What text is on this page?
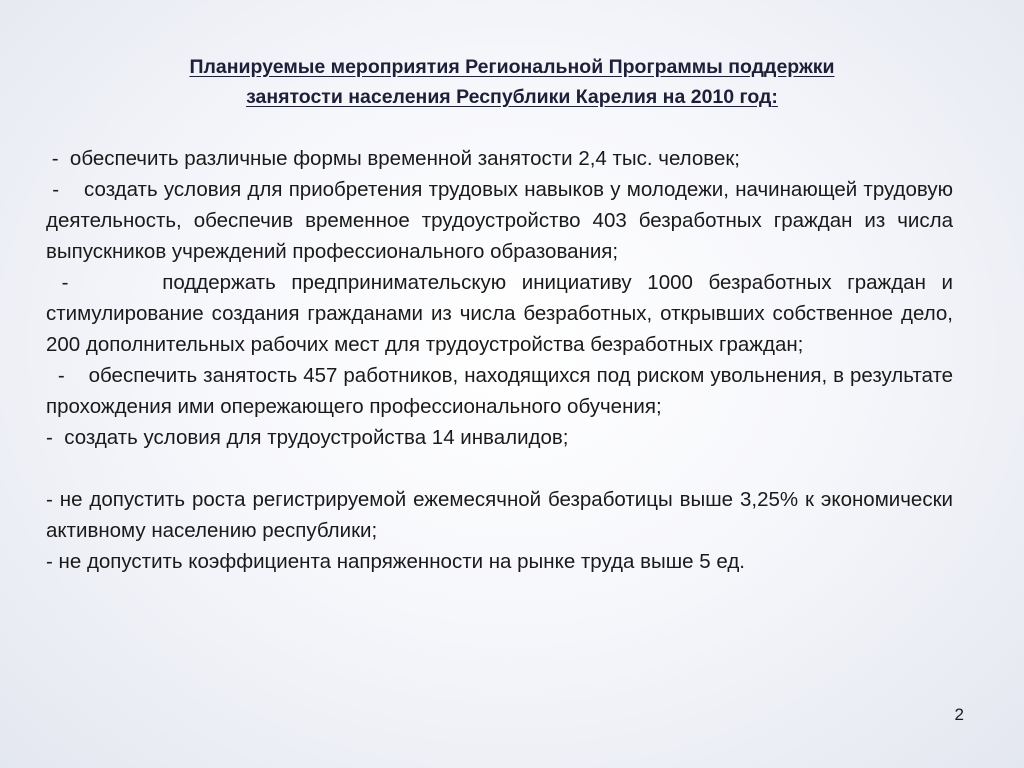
Планируемые мероприятия Региональной Программы поддержки
занятости населения Республики Карелия на 2010 год:

-  обеспечить различные формы временной занятости 2,4 тыс. человек;

-    создать условия для приобретения трудовых навыков у молодежи, начинающей трудовую деятельность, обеспечив временное трудоустройство 403 безработных граждан из числа выпускников учреждений профессионального образования;

-      поддержать предпринимательскую инициативу 1000 безработных граждан и стимулирование создания гражданами из числа безработных, открывших собственное дело, 200 дополнительных рабочих мест для трудоустройства безработных граждан;

-    обеспечить занятость 457 работников, находящихся под риском увольнения, в результате прохождения ими опережающего профессионального обучения;

-  создать условия для трудоустройства 14 инвалидов;

- не допустить роста регистрируемой ежемесячной безработицы выше 3,25% к экономически активному населению республики;

- не допустить коэффициента напряженности на рынке труда выше 5 ед.

2
